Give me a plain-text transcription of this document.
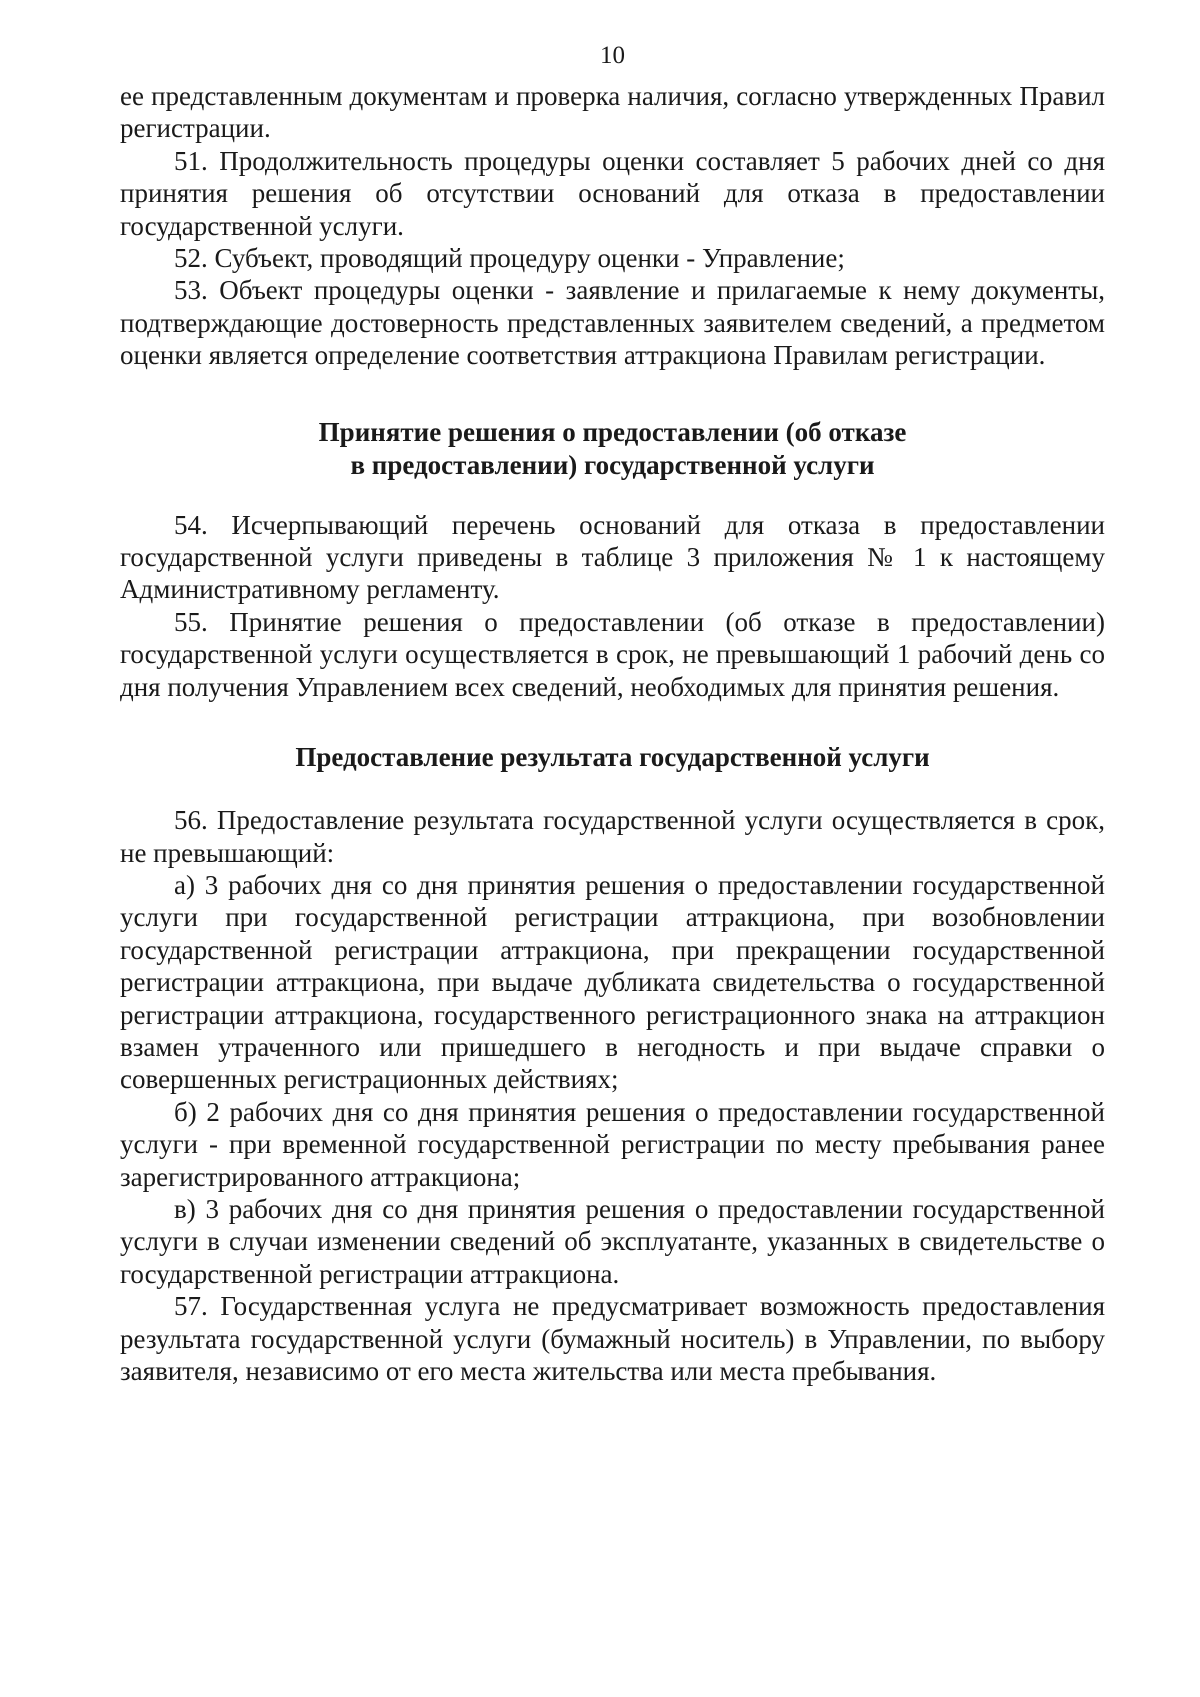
10

ее представленным документам и проверка наличия, согласно утвержденных Правил регистрации.

51. Продолжительность процедуры оценки составляет 5 рабочих дней со дня принятия решения об отсутствии оснований для отказа в предоставлении государственной услуги.

52. Субъект, проводящий процедуру оценки - Управление;

53. Объект процедуры оценки - заявление и прилагаемые к нему документы, подтверждающие достоверность представленных заявителем сведений, а предметом оценки является определение соответствия аттракциона Правилам регистрации.

Принятие решения о предоставлении (об отказе
в предоставлении) государственной услуги

54. Исчерпывающий перечень оснований для отказа в предоставлении государственной услуги приведены в таблице 3 приложения № 1 к настоящему Административному регламенту.

55. Принятие решения о предоставлении (об отказе в предоставлении) государственной услуги осуществляется в срок, не превышающий 1 рабочий день со дня получения Управлением всех сведений, необходимых для принятия решения.

Предоставление результата государственной услуги

56. Предоставление результата государственной услуги осуществляется в срок, не превышающий:

а) 3 рабочих дня со дня принятия решения о предоставлении государственной услуги при государственной регистрации аттракциона, при возобновлении государственной регистрации аттракциона, при прекращении государственной регистрации аттракциона, при выдаче дубликата свидетельства о государственной регистрации аттракциона, государственного регистрационного знака на аттракцион взамен утраченного или пришедшего в негодность и при выдаче справки о совершенных регистрационных действиях;

б) 2 рабочих дня со дня принятия решения о предоставлении государственной услуги - при временной государственной регистрации по месту пребывания ранее зарегистрированного аттракциона;

в) 3 рабочих дня со дня принятия решения о предоставлении государственной услуги в случаи изменении сведений об эксплуатанте, указанных в свидетельстве о государственной регистрации аттракциона.

57. Государственная услуга не предусматривает возможность предоставления результата государственной услуги (бумажный носитель) в Управлении, по выбору заявителя, независимо от его места жительства или места пребывания.
